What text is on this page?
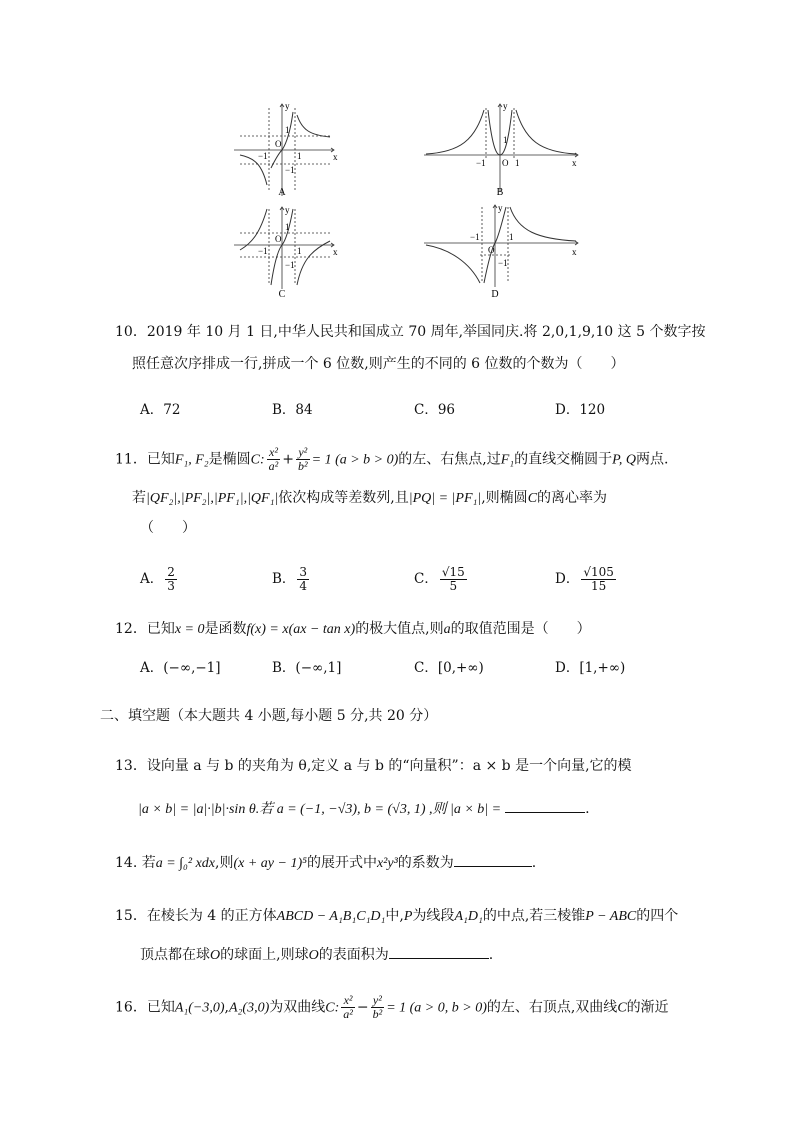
y
x
O
1
−1	1
−1
A
y
x
O
1
−1	1
B
y
x
O
1
−1	1
−1
C
y
x
O
1
−1
−1
D
10．2019 年 10 月 1 日,中华人民共和国成立 70 周年,举国同庆.将 2,0,1,9,10 这 5 个数字按
照任意次序排成一行,拼成一个 6 位数,则产生的不同的 6 位数的个数为（　　）
A．72	B．84	C．96	D．120
11．已知F₁, F₂是椭圆C: $\frac{\text{x²}}{\text{a²}} + \frac{\text{y²}}{\text{b²}} = 1$ (a > b > 0)的左、右焦点,过F₁的直线交椭圆于P, Q两点.
若|QF₂|,|PF₂|,|PF₁|,|QF₁|依次构成等差数列,且|PQ| = |PF₁|,则椭圆C的离心率为
（　　）
A． $\frac{2}{3}$	B． $\frac{3}{4}$	C． $\frac{√15}{5}$	D． $\frac{√105}{15}$
12．已知x = 0是函数f(x) = x(ax − tan x)的极大值点,则a的取值范围是（　　）
A．(−∞,−1]	B．(−∞,1]	C．[0,+∞)	D．[1,+∞)
二、填空题（本大题共 4 小题,每小题 5 分,共 20 分）
13．设向量 a 与 b 的夹角为 θ,定义 a 与 b 的“向量积”：a × b 是一个向量,它的模
|a × b| = |a|·|b|·sin θ.若 a = (−1, −√3), b = (√3, 1) ,则 |a × b| =	.
14. 若a = ∫₀² xdx,则(x + ay − 1)⁵的展开式中x²y³的系数为	.
15．在棱长为 4 的正方体ABCD − A₁B₁C₁D₁中,P为线段A₁D₁的中点,若三棱锥P − ABC的四个
顶点都在球O的球面上,则球O的表面积为	.
16．已知A₁(−3,0),A₂(3,0)为双曲线C: $\frac{\text{x²}}{\text{a²}} - \frac{\text{y²}}{\text{b²}} = 1$ (a > 0, b > 0)的左、右顶点,双曲线C的渐近
